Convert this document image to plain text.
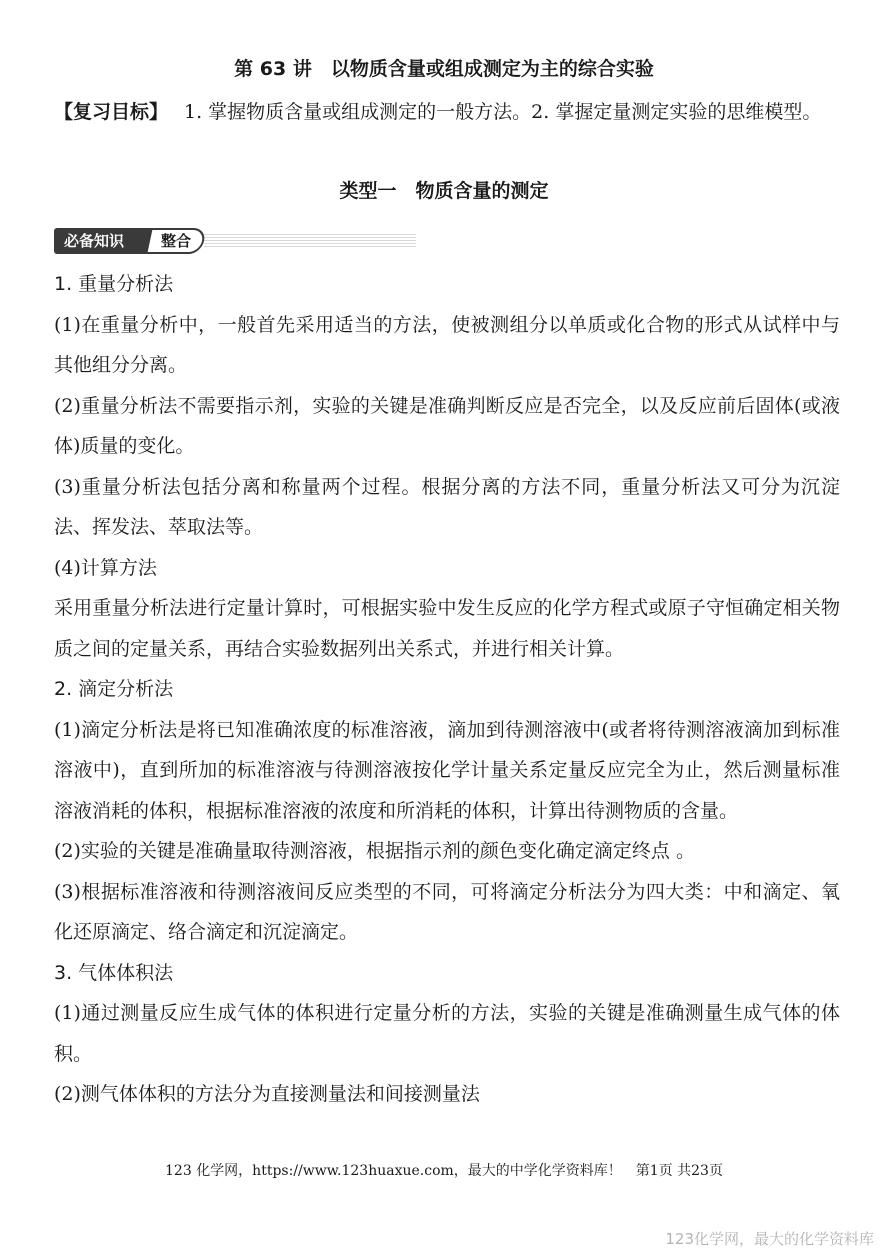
第 63 讲　以物质含量或组成测定为主的综合实验
【复习目标】 1. 掌握物质含量或组成测定的一般方法。2. 掌握定量测定实验的思维模型。
类型一　物质含量的测定
必备知识	整合

1. 重量分析法

(1)在重量分析中，一般首先采用适当的方法，使被测组分以单质或化合物的形式从试样中与其他组分分离。

(2)重量分析法不需要指示剂，实验的关键是准确判断反应是否完全，以及反应前后固体(或液体)质量的变化。

(3)重量分析法包括分离和称量两个过程。根据分离的方法不同，重量分析法又可分为沉淀法、挥发法、萃取法等。

(4)计算方法

采用重量分析法进行定量计算时，可根据实验中发生反应的化学方程式或原子守恒确定相关物质之间的定量关系，再结合实验数据列出关系式，并进行相关计算。

2. 滴定分析法

(1)滴定分析法是将已知准确浓度的标准溶液，滴加到待测溶液中(或者将待测溶液滴加到标准溶液中)，直到所加的标准溶液与待测溶液按化学计量关系定量反应完全为止，然后测量标准溶液消耗的体积，根据标准溶液的浓度和所消耗的体积，计算出待测物质的含量。

(2)实验的关键是准确量取待测溶液，根据指示剂的颜色变化确定滴定终点 。

(3)根据标准溶液和待测溶液间反应类型的不同，可将滴定分析法分为四大类：中和滴定、氧化还原滴定、络合滴定和沉淀滴定。

3. 气体体积法

(1)通过测量反应生成气体的体积进行定量分析的方法，实验的关键是准确测量生成气体的体积。

(2)测气体体积的方法分为直接测量法和间接测量法

123 化学网，https://www.123huaxue.com，最大的中学化学资料库！　第1页 共23页
123化学网，最大的化学资料库
